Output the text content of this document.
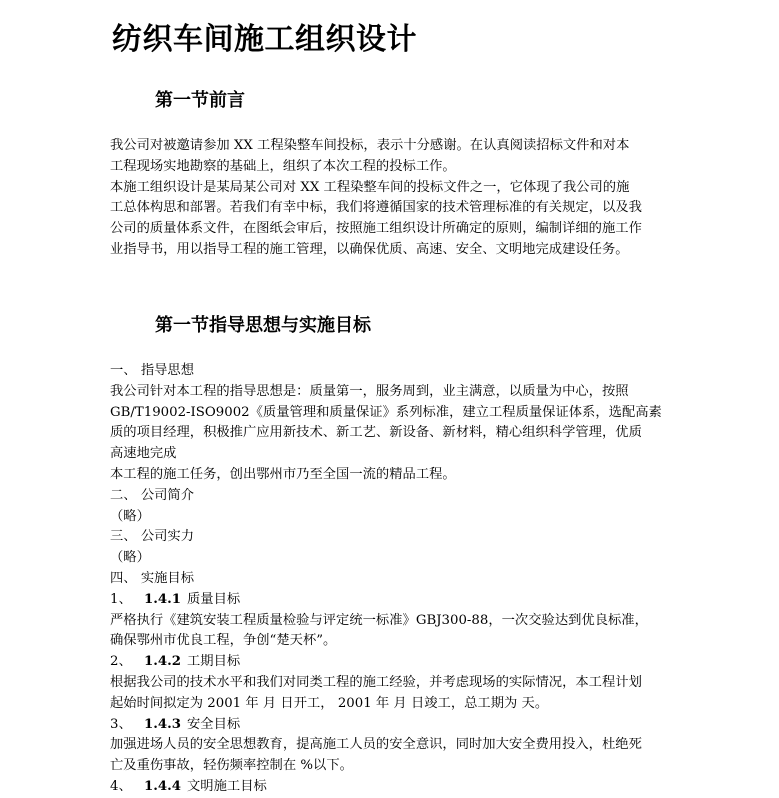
纺织车间施工组织设计
第一节前言
我公司对被邀请参加 XX 工程染整车间投标，表示十分感谢。在认真阅读招标文件和对本
工程现场实地勘察的基础上，组织了本次工程的投标工作。
本施工组织设计是某局某公司对 XX 工程染整车间的投标文件之一，它体现了我公司的施
工总体构思和部署。若我们有幸中标，我们将遵循国家的技术管理标准的有关规定，以及我
公司的质量体系文件，在图纸会审后，按照施工组织设计所确定的原则，编制详细的施工作
业指导书，用以指导工程的施工管理，以确保优质、高速、安全、文明地完成建设任务。
第一节指导思想与实施目标
一、 指导思想
我公司针对本工程的指导思想是：质量第一，服务周到，业主满意，以质量为中心，按照
GB/T19002-ISO9002《质量管理和质量保证》系列标准，建立工程质量保证体系，选配高素
质的项目经理，积极推广应用新技术、新工艺、新设备、新材料，精心组织科学管理，优质
高速地完成
本工程的施工任务，创出鄂州市乃至全国一流的精品工程。
二、 公司简介
（略）
三、 公司实力
（略）
四、 实施目标
1、 1.4.1 质量目标
严格执行《建筑安装工程质量检验与评定统一标准》GBJ300-88，一次交验达到优良标准，
确保鄂州市优良工程，争创“楚天杯”。
2、 1.4.2 工期目标
根据我公司的技术水平和我们对同类工程的施工经验，并考虑现场的实际情况，本工程计划
起始时间拟定为 2001 年 月 日开工， 2001 年 月 日竣工，总工期为 天。
3、 1.4.3 安全目标
加强进场人员的安全思想教育，提高施工人员的安全意识，同时加大安全费用投入，杜绝死
亡及重伤事故，轻伤频率控制在 %以下。
4、 1.4.4 文明施工目标
